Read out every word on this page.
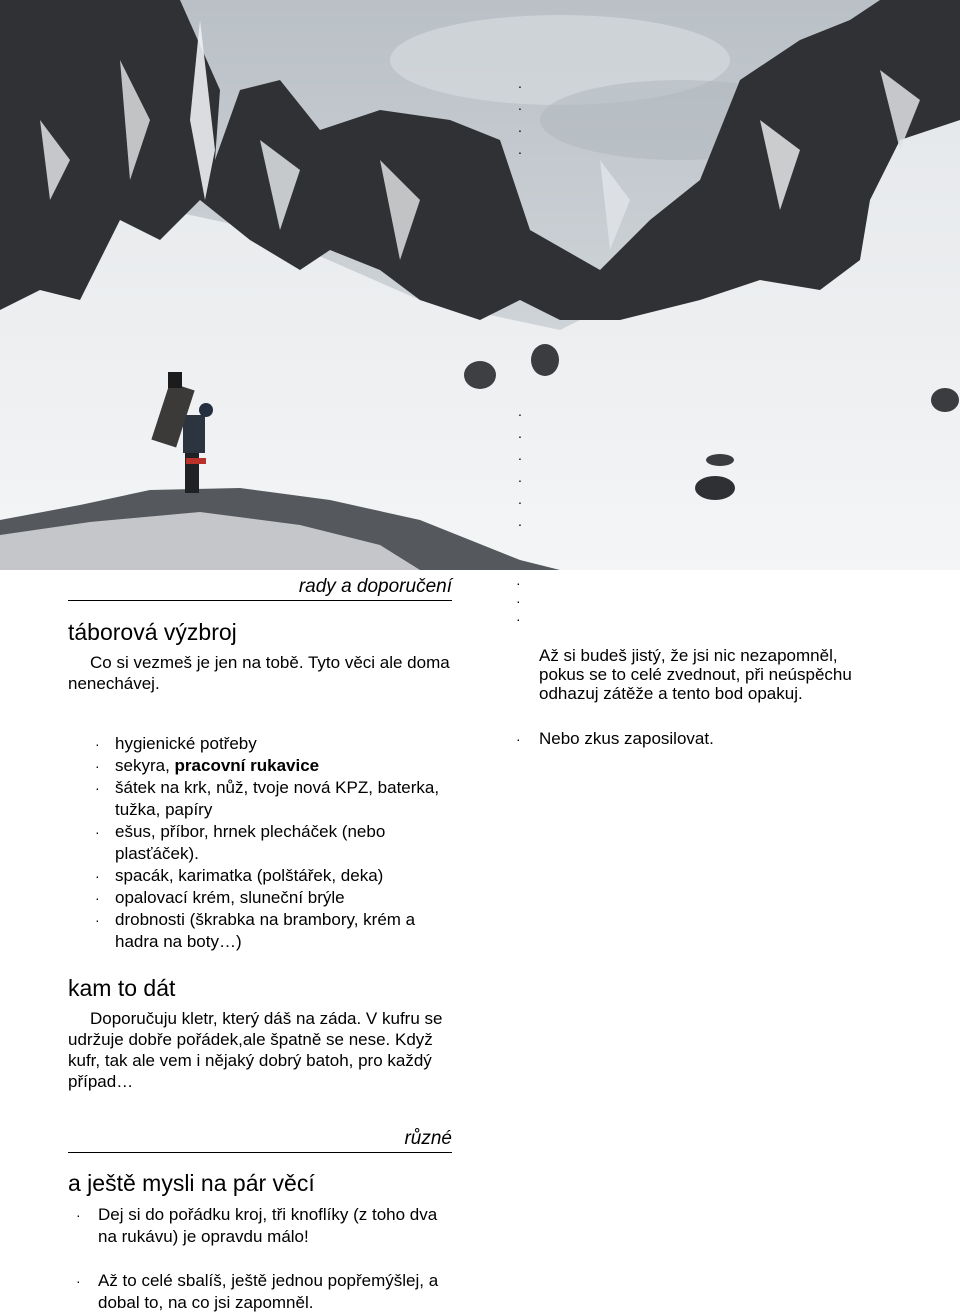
·
·
·
·
·
·
·
·
·
·
rady a doporučení
táborová výzbroj

Co si vezmeš je jen na tobě. Tyto věci ale doma nenechávej.

· hygienické potřeby
· sekyra, pracovní rukavice
· šátek na krk, nůž, tvoje nová KPZ, baterka, tužka, papíry
· ešus, příbor, hrnek plecháček (nebo plasťáček).
· spacák, karimatka (polštářek, deka)
· opalovací krém, sluneční brýle
· drobnosti (škrabka na brambory, krém a hadra na boty…)
kam to dát

Doporučuju kletr, který dáš na záda. V kufru se udržuje dobře pořádek,ale špatně se nese. Když kufr, tak ale vem i nějaký dobrý batoh, pro každý případ…

různé
a ještě mysli na pár věcí
· Dej si do pořádku kroj, tři knoflíky (z toho dva na rukávu) je opravdu málo!
· Až to celé sbalíš, ještě jednou popřemýšlej, a dobal to, na co jsi zapomněl.
·
·
·

Až si budeš jistý, že jsi nic nezapomněl, pokus se to celé zvednout, při neúspěchu odhazuj zátěže a tento bod opakuj.

· Nebo zkus zaposilovat.
